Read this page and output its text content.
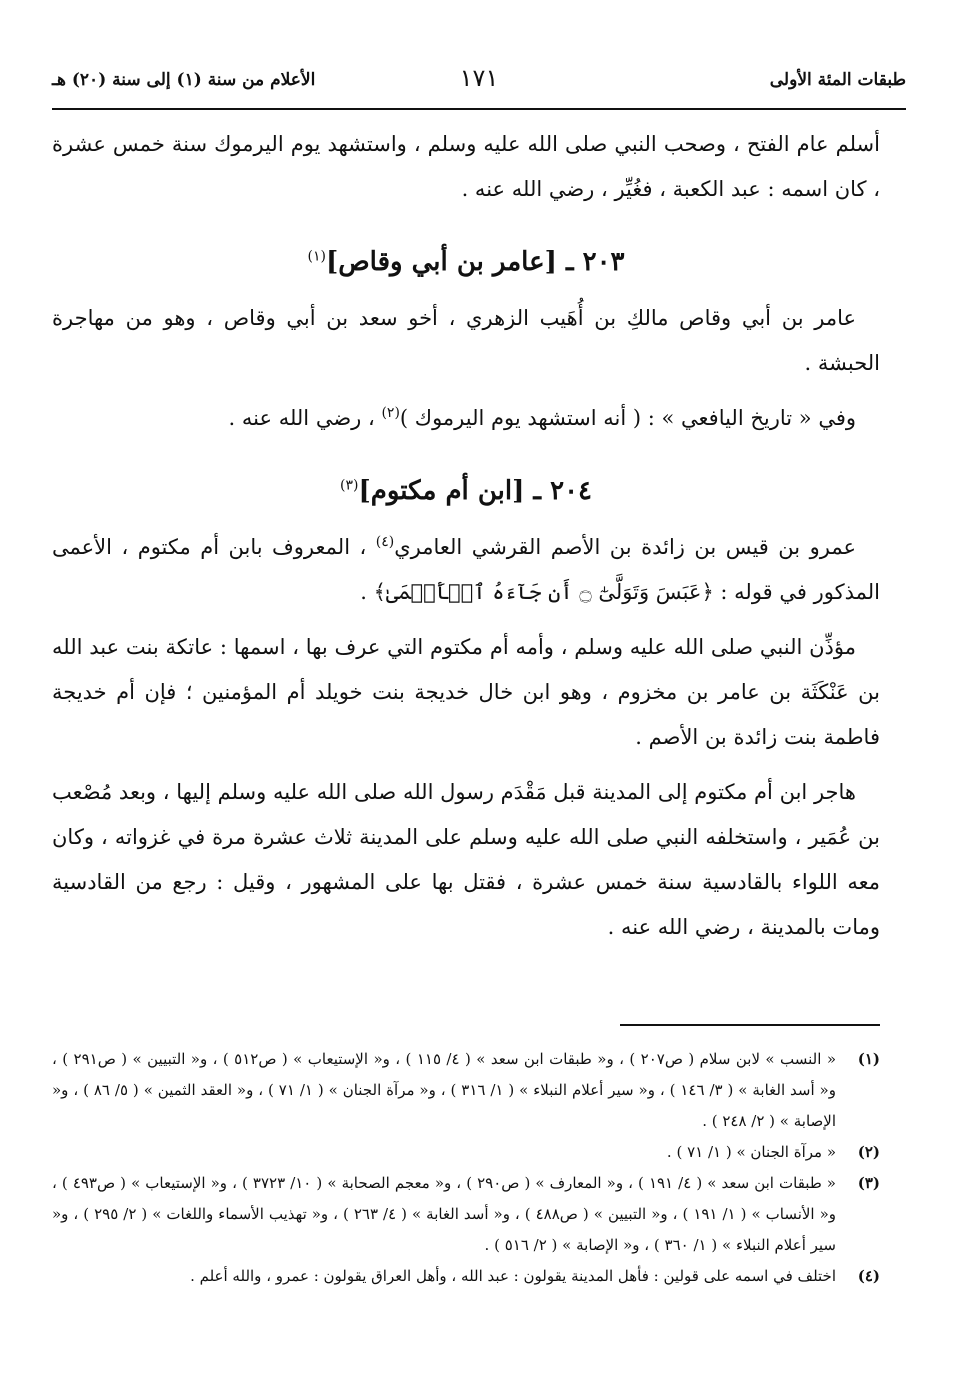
طبقات المئة الأولى
١٧١
الأعلام من سنة (١) إلى سنة (٢٠) هـ

أسلم عام الفتح ، وصحب النبي صلى الله عليه وسلم ، واستشهد يوم اليرموك سنة خمس عشرة ، كان اسمه : عبد الكعبة ، فغُيِّر ، رضي الله عنه .

٢٠٣ ـ [عامر بن أبي وقاص]$^{(١)}$

عامر بن أبي وقاص مالكِ بن أُهَيب الزهري ، أخو سعد بن أبي وقاص ، وهو من مهاجرة الحبشة .

وفي « تاريخ اليافعي » : ( أنه استشهد يوم اليرموك )$^{(٢)}$ ، رضي الله عنه .

٢٠٤ ـ [ابن أم مكتوم]$^{(٣)}$

عمرو بن قيس بن زائدة بن الأصم القرشي العامري$^{(٤)}$ ، المعروف بابن أم مكتوم ، الأعمى المذكور في قوله : ﴿عَبَسَ وَتَوَلَّىٰٓ ۝ أَن جَآءَهُ ٱلۡأَعۡمَىٰ﴾ .

مؤذِّن النبي صلى الله عليه وسلم ، وأمه أم مكتوم التي عرف بها ، اسمها : عاتكة بنت عبد الله بن عَنْكَثَة بن عامر بن مخزوم ، وهو ابن خال خديجة بنت خويلد أم المؤمنين ؛ فإن أم خديجة فاطمة بنت زائدة بن الأصم .

هاجر ابن أم مكتوم إلى المدينة قبل مَقْدَم رسول الله صلى الله عليه وسلم إليها ، وبعد مُصْعب بن عُمَير ، واستخلفه النبي صلى الله عليه وسلم على المدينة ثلاث عشرة مرة في غزواته ، وكان معه اللواء بالقادسية سنة خمس عشرة ، فقتل بها على المشهور ، وقيل : رجع من القادسية ومات بالمدينة ، رضي الله عنه .

(١)
« النسب » لابن سلام ( ص٢٠٧ ) ، و« طبقات ابن سعد » ( ٤/ ١١٥ ) ، و« الإستيعاب » ( ص٥١٢ ) ، و« التبيين » ( ص٢٩١ ) ، و« أسد الغابة » ( ٣/ ١٤٦ ) ، و« سير أعلام النبلاء » ( ١/ ٣١٦ ) ، و« مرآة الجنان » ( ١/ ٧١ ) ، و« العقد الثمين » ( ٥/ ٨٦ ) ، و« الإصابة » ( ٢/ ٢٤٨ ) .
(٢)
« مرآة الجنان » ( ١/ ٧١ ) .
(٣)
« طبقات ابن سعد » ( ٤/ ١٩١ ) ، و« المعارف » ( ص٢٩٠ ) ، و« معجم الصحابة » ( ١٠/ ٣٧٢٣ ) ، و« الإستيعاب » ( ص٤٩٣ ) ، و« الأنساب » ( ١/ ١٩١ ) ، و« التبيين » ( ص٤٨٨ ) ، و« أسد الغابة » ( ٤/ ٢٦٣ ) ، و« تهذيب الأسماء واللغات » ( ٢/ ٢٩٥ ) ، و« سير أعلام النبلاء » ( ١/ ٣٦٠ ) ، و« الإصابة » ( ٢/ ٥١٦ ) .
(٤)
اختلف في اسمه على قولين : فأهل المدينة يقولون : عبد الله ، وأهل العراق يقولون : عمرو ، والله أعلم .
